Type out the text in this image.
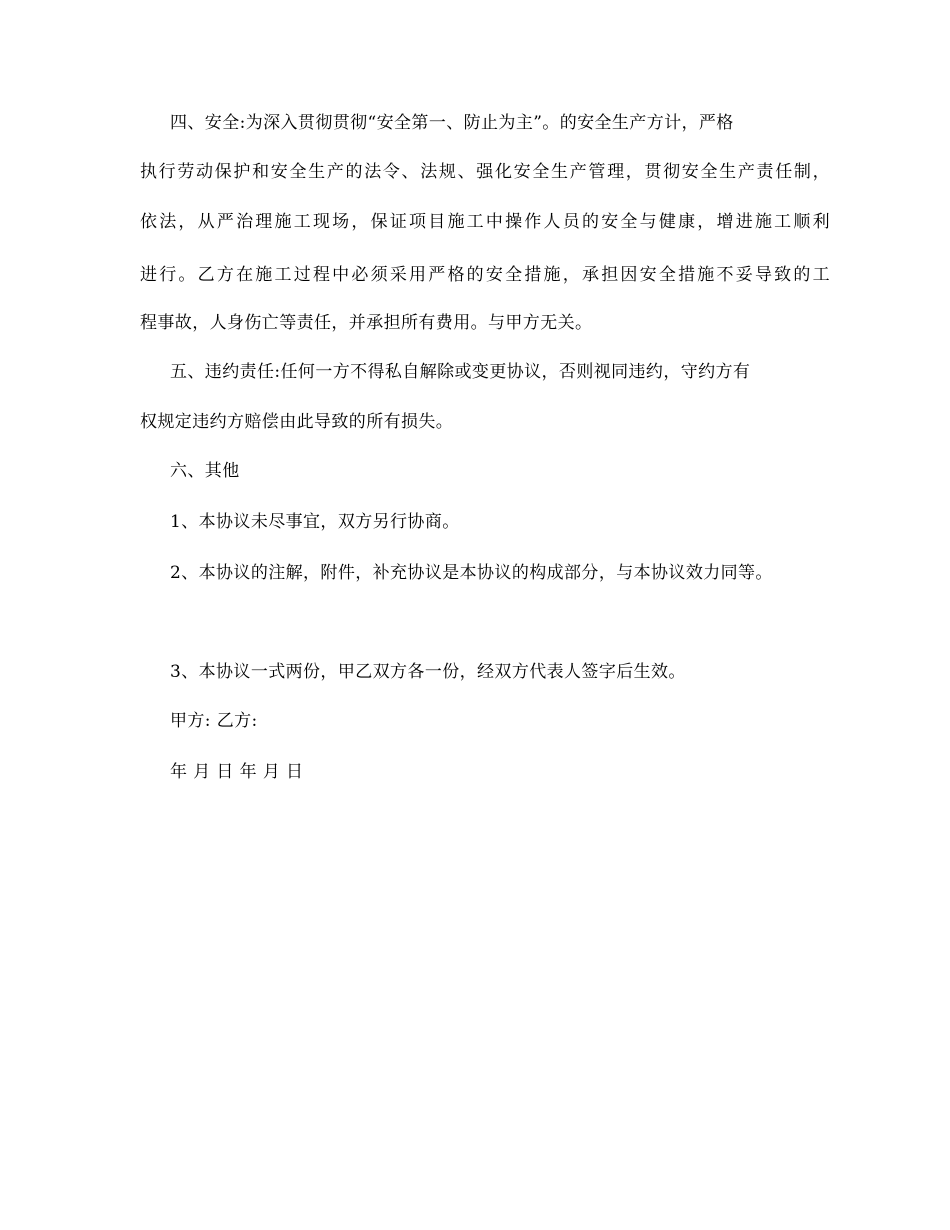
四、安全:为深入贯彻贯彻“安全第一、防止为主”。的安全生产方计，严格
执行劳动保护和安全生产的法令、法规、强化安全生产管理，贯彻安全生产责任制，
依法，从严治理施工现场，保证项目施工中操作人员的安全与健康，增进施工顺利
进行。乙方在施工过程中必须采用严格的安全措施，承担因安全措施不妥导致的工
程事故，人身伤亡等责任，并承担所有费用。与甲方无关。
五、违约责任:任何一方不得私自解除或变更协议，否则视同违约，守约方有
权规定违约方赔偿由此导致的所有损失。
六、其他
1、本协议未尽事宜，双方另行协商。
2、本协议的注解，附件，补充协议是本协议的构成部分，与本协议效力同等。
3、本协议一式两份，甲乙双方各一份，经双方代表人签字后生效。
甲方: 乙方:
年 月 日 年 月 日
